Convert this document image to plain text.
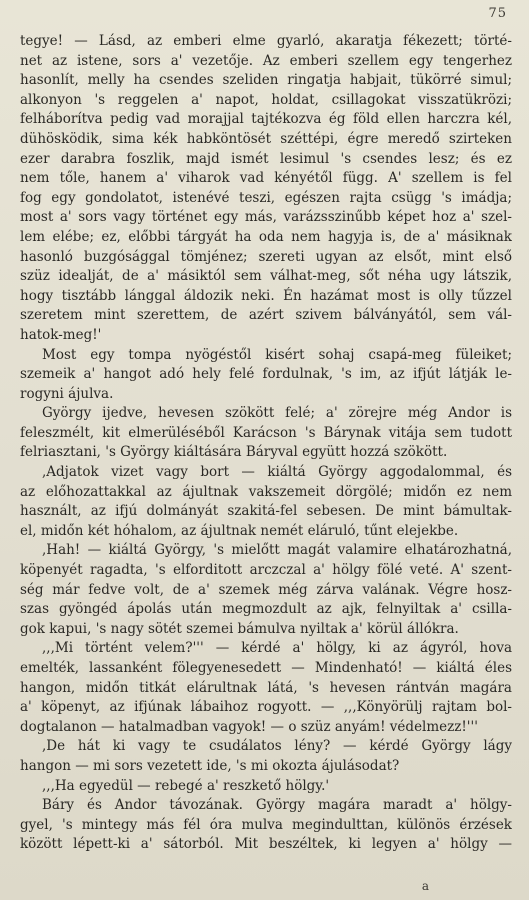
75
tegye! — Lásd, az emberi elme gyarló, akaratja fékezett; törté-
net az istene, sors a' vezetője. Az emberi szellem egy tengerhez
hasonlít, melly ha csendes szeliden ringatja habjait, tükörré simul;
alkonyon 's reggelen a' napot, holdat, csillagokat visszatükrözi;
felháborítva pedig vad morajjal tajtékozva ég föld ellen harczra kél,
dühösködik, sima kék habköntösét széttépi, égre meredő szirteken
ezer darabra foszlik, majd ismét lesimul 's csendes lesz; és ez
nem tőle, hanem a' viharok vad kényétől függ. A' szellem is fel
fog egy gondolatot, istenévé teszi, egészen rajta csügg 's imádja;
most a' sors vagy történet egy más, varázsszinűbb képet hoz a' szel-
lem elébe; ez, előbbi tárgyát ha oda nem hagyja is, de a' másiknak
hasonló buzgósággal tömjénez; szereti ugyan az elsőt, mint első
szüz idealját, de a' másiktól sem válhat-meg, sőt néha ugy látszik,
hogy tisztább lánggal áldozik neki. Én hazámat most is olly tűzzel
szeretem mint szerettem, de azért szivem bálványától, sem vál-
hatok-meg!'
Most egy tompa nyögéstől kisért sohaj csapá-meg füleiket;
szemeik a' hangot adó hely felé fordulnak, 's im, az ifjút látják le-
rogyni ájulva.
György ijedve, hevesen szökött felé; a' zörejre még Andor is
feleszmélt, kit elmerüléséből Karácson 's Bárynak vitája sem tudott
felriasztani, 's György kiáltására Báryval együtt hozzá szökött.
,Adjatok vizet vagy bort — kiáltá György aggodalommal, és
az előhozattakkal az ájultnak vakszemeit dörgölé; midőn ez nem
használt, az ifjú dolmányát szakitá-fel sebesen. De mint bámultak-
el, midőn két hóhalom, az ájultnak nemét eláruló, tűnt elejekbe.
,Hah! — kiáltá György, 's mielőtt magát valamire elhatározhatná,
köpenyét ragadta, 's elforditott arczczal a' hölgy fölé veté. A' szent-
ség már fedve volt, de a' szemek még zárva valának. Végre hosz-
szas gyöngéd ápolás után megmozdult az ajk, felnyiltak a' csilla-
gok kapui, 's nagy sötét szemei bámulva nyiltak a' körül állókra.
,,,Mi történt velem?''' — kérdé a' hölgy, ki az ágyról, hova
emelték, lassanként fölegyenesedett — Mindenható! — kiáltá éles
hangon, midőn titkát elárultnak látá, 's hevesen rántván magára
a' köpenyt, az ifjúnak lábaihoz rogyott. — ,,,Könyörülj rajtam bol-
dogtalanon — hatalmadban vagyok! — o szüz anyám! védelmezz!'''
,De hát ki vagy te csudálatos lény? — kérdé György lágy
hangon — mi sors vezetett ide, 's mi okozta ájulásodat?
,,,Ha egyedül — rebegé a' reszkető hölgy.'
Báry és Andor távozának. György magára maradt a' hölgy-
gyel, 's mintegy más fél óra mulva megindulttan, különös érzések
között lépett-ki a' sátorból. Mit beszéltek, ki legyen a' hölgy —
a
